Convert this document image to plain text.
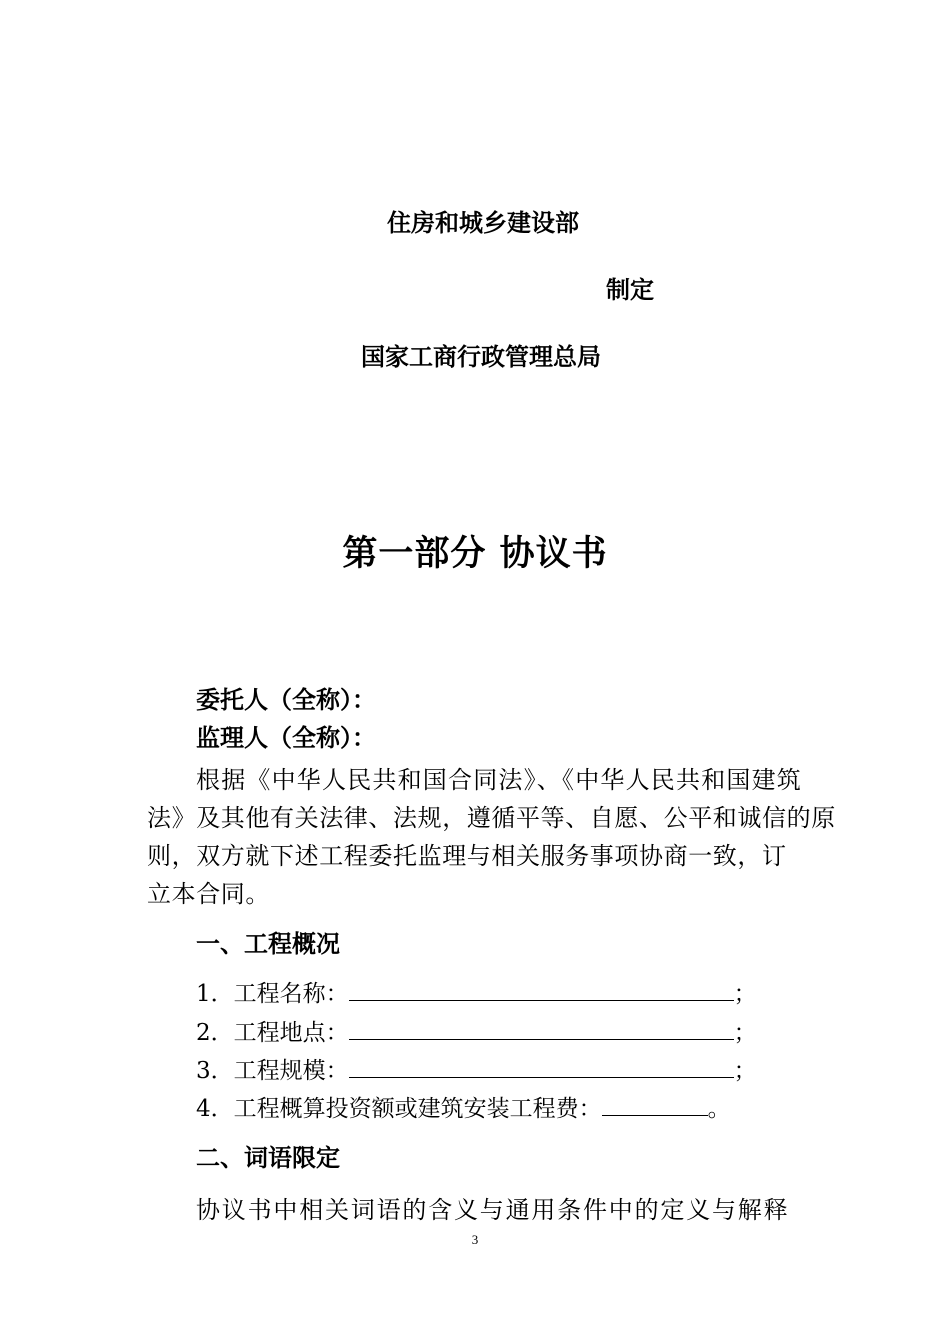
住房和城乡建设部
制定
国家工商行政管理总局
第一部分 协议书
委托人（全称）：
监理人（全称）：
根据《中华人民共和国合同法》、《中华人民共和国建筑
法》及其他有关法律、法规，遵循平等、自愿、公平和诚信的原
则，双方就下述工程委托监理与相关服务事项协商一致，订
立本合同。
一、工程概况
1．工程名称：	；
2．工程地点：	；
3．工程规模：	；
4．工程概算投资额或建筑安装工程费：	。
二、词语限定
协议书中相关词语的含义与通用条件中的定义与解释
3
